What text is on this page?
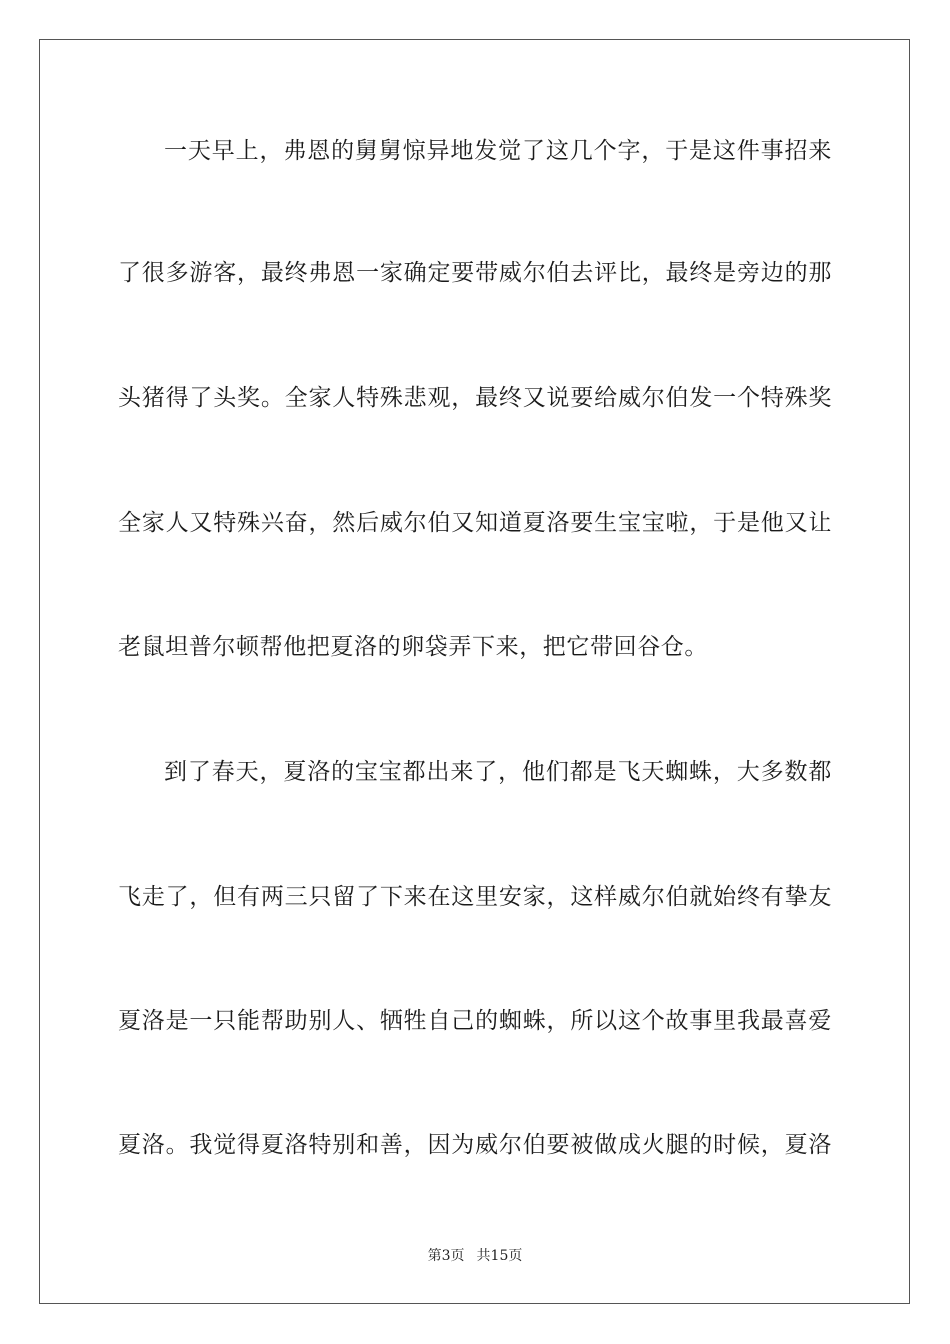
一天早上，弗恩的舅舅惊异地发觉了这几个字，于是这件事招来
了很多游客，最终弗恩一家确定要带威尔伯去评比，最终是旁边的那
头猪得了头奖。全家人特殊悲观，最终又说要给威尔伯发一个特殊奖
全家人又特殊兴奋，然后威尔伯又知道夏洛要生宝宝啦，于是他又让
老鼠坦普尔顿帮他把夏洛的卵袋弄下来，把它带回谷仓。
到了春天，夏洛的宝宝都出来了，他们都是飞天蜘蛛，大多数都
飞走了，但有两三只留了下来在这里安家，这样威尔伯就始终有挚友
夏洛是一只能帮助别人、牺牲自己的蜘蛛，所以这个故事里我最喜爱
夏洛。我觉得夏洛特别和善，因为威尔伯要被做成火腿的时候，夏洛
第3页 共15页
